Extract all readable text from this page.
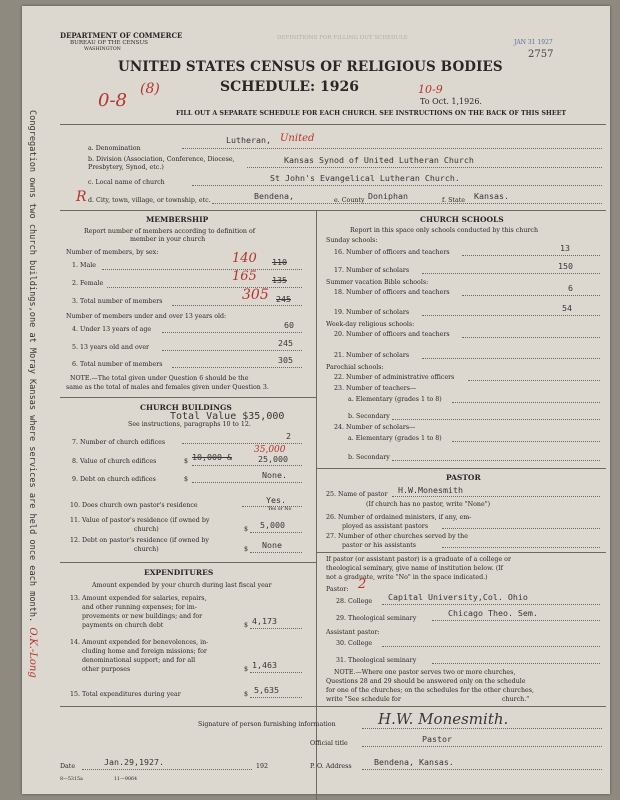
DEPARTMENT OF COMMERCE
BUREAU OF THE CENSUS
WASHINGTON
DEFINITIONS FOR FILLING OUT SCHEDULE
JAN 31 1927
2757
UNITED STATES CENSUS OF RELIGIOUS BODIES
SCHEDULE: 1926	10-9
To Oct. 1,1926.
0-8
(8)
FILL OUT A SEPARATE SCHEDULE FOR EACH CHURCH. SEE INSTRUCTIONS ON THE BACK OF THIS SHEET
Congregation owns two church buildings,one at Moray Kansas where services are held once each month. O.K.-Long
a. Denomination
Lutheran, United
b. Division (Association, Conference, Diocese, Presbytery, Synod, etc.)
Kansas Synod of United Lutheran Church
c. Local name of church	St John's Evangelical Lutheran Church.
R d. City, town, village, or township, etc.	Bendena,	e. County Doniphan	f. State Kansas.
MEMBERSHIP
Report number of members according to definition of
member in your church
Number of members, by sex:
1. Male	140 110
2. Female	165 135
3. Total number of members	305 245
Number of members under and over 13 years old:
4. Under 13 years of age	60
5. 13 years old and over	245
6. Total number of members	305
NOTE.—The total given under Question 6 should be the
same as the total of males and females given under Question 3.
CHURCH BUILDINGS
See instructions, paragraphs 10 to 12.
Total Value $35,000
7. Number of church edifices
2
35,000
8. Value of church edifices	$ 10,000 &	25,000
9. Debt on church edifices	$	None.
10. Does church own pastor's residence
Yes.
Yes or No
11. Value of pastor's residence (if owned by
church)	$ 5,000
12. Debt on pastor's residence (if owned by
church)	$ None
EXPENDITURES
Amount expended by your church during last fiscal year
13. Amount expended for salaries, repairs,
and other running expenses; for im-
provements or new buildings; and for
payments on church debt	$ 4,173
14. Amount expended for benevolences, in-
cluding home and foreign missions; for
denominational support; and for all
other purposes	$ 1,463
15. Total expenditures during year	$ 5,635
CHURCH SCHOOLS
Report in this space only schools conducted by this church
Sunday schools:
16. Number of officers and teachers	13
17. Number of scholars	150
Summer vacation Bible schools:
18. Number of officers and teachers	6
19. Number of scholars	54
Week-day religious schools:
20. Number of officers and teachers
21. Number of scholars
Parochial schools:
22. Number of administrative officers
23. Number of teachers—
a. Elementary (grades 1 to 8)
b. Secondary
24. Number of scholars—
a. Elementary (grades 1 to 8)
b. Secondary
PASTOR
25. Name of pastor H.W.Monesmith
(If church has no pastor, write "None")
26. Number of ordained ministers, if any, em-
ployed as assistant pastors
27. Number of other churches served by the
pastor or his assistants
If pastor (or assistant pastor) is a graduate of a college or
theological seminary, give name of institution below. (If
not a graduate, write "No" in the space indicated.)
Pastor: 2
28. College Capital University,Col. Ohio
29. Theological seminary
Chicago Theo. Sem.
Assistant pastor:
30. College
31. Theological seminary
NOTE.—Where one pastor serves two or more churches,
Questions 28 and 29 should be answered only on the schedule
for one of the churches; on the schedules for the other churches,
write "See schedule for	church."
Signature of person furnishing information	H.W. Monesmith.
Official title	Pastor
Date	Jan.29,1927.	192	P. O. Address	Bendena, Kansas.
8—5315a	11—9064
